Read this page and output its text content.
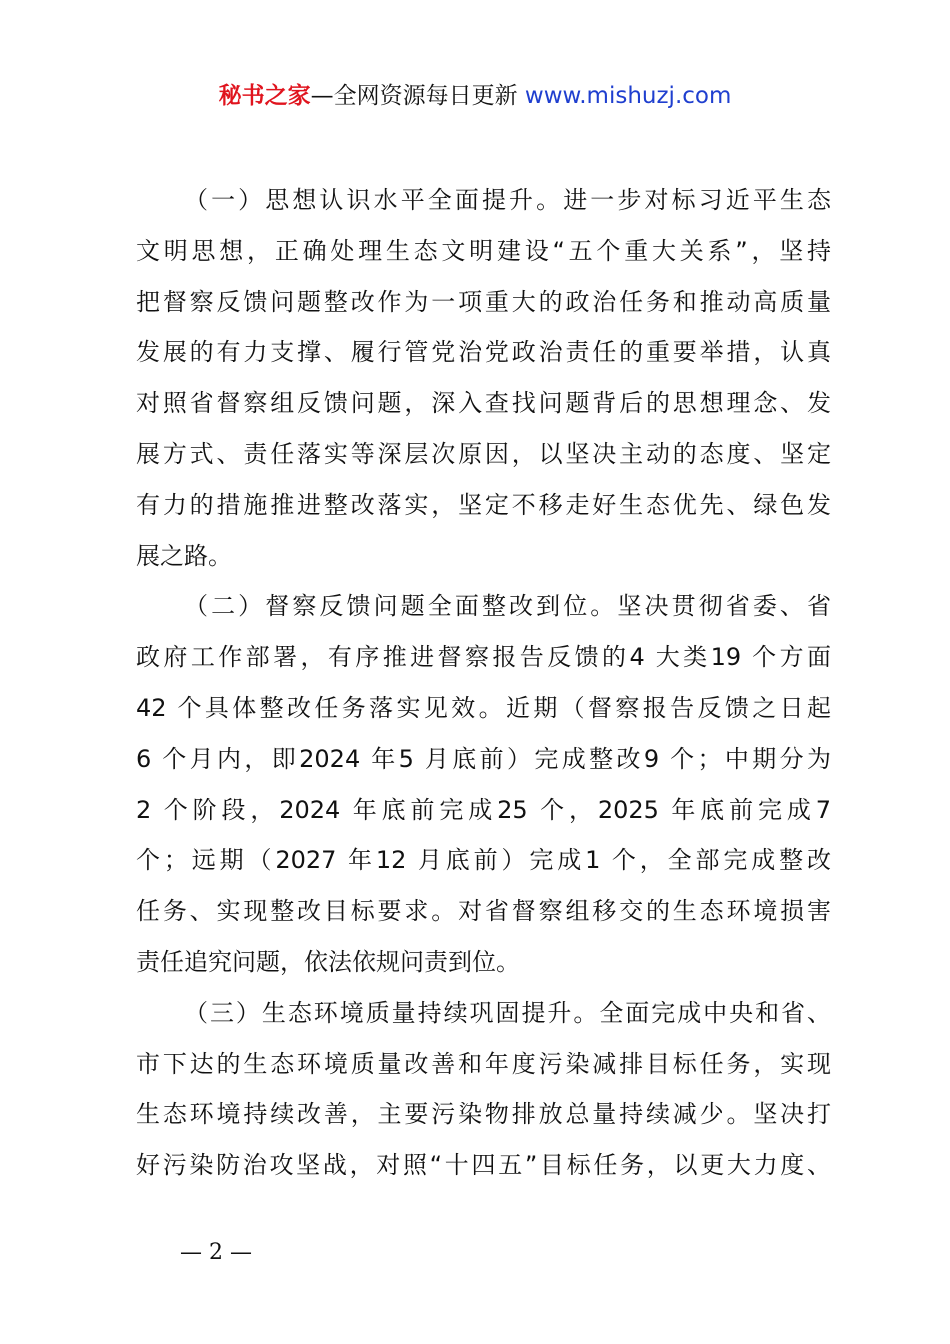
秘书之家—全网资源每日更新 www.mishuzj.com

（一）思想认识水平全面提升。进一步对标习近平生态
文明思想，正确处理生态文明建设“五个重大关系”，坚持
把督察反馈问题整改作为一项重大的政治任务和推动高质量
发展的有力支撑、履行管党治党政治责任的重要举措，认真
对照省督察组反馈问题，深入查找问题背后的思想理念、发
展方式、责任落实等深层次原因，以坚决主动的态度、坚定
有力的措施推进整改落实，坚定不移走好生态优先、绿色发
展之路。

（二）督察反馈问题全面整改到位。坚决贯彻省委、省
政府工作部署，有序推进督察报告反馈的4 大类19 个方面
42 个具体整改任务落实见效。近期（督察报告反馈之日起
6 个月内，即2024 年5 月底前）完成整改9 个；中期分为
2 个阶段，2024 年底前完成25 个，2025 年底前完成7
个；远期（2027 年12 月底前）完成1 个，全部完成整改
任务、实现整改目标要求。对省督察组移交的生态环境损害
责任追究问题，依法依规问责到位。

（三）生态环境质量持续巩固提升。全面完成中央和省、
市下达的生态环境质量改善和年度污染减排目标任务，实现
生态环境持续改善，主要污染物排放总量持续减少。坚决打
好污染防治攻坚战，对照“十四五”目标任务，以更大力度、

— 2 —
